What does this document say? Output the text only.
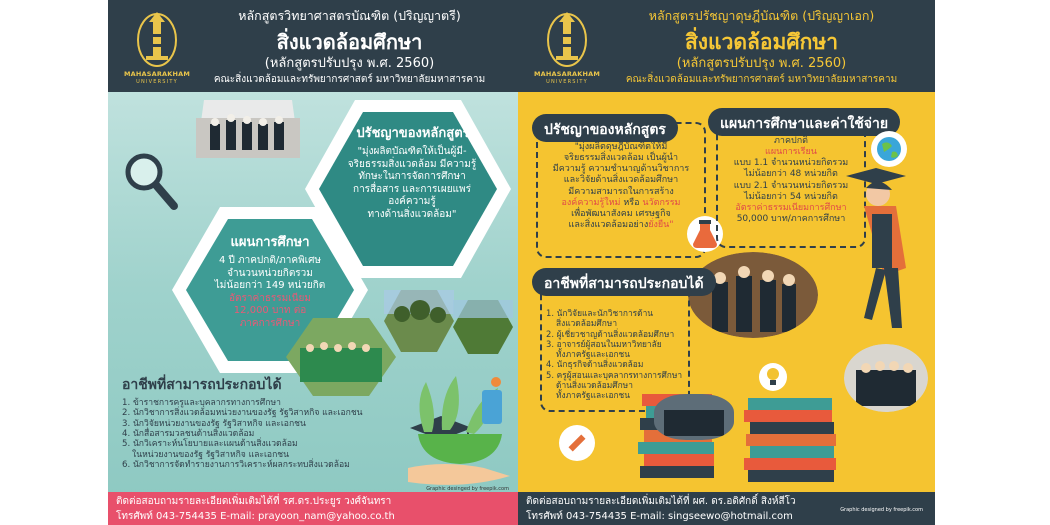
MAHASARAKHAM
UNIVERSITY
หลักสูตรวิทยาศาสตรบัณฑิต (ปริญญาตรี)
สิ่งแวดล้อมศึกษา
(หลักสูตรปรับปรุง พ.ศ. 2560)
คณะสิ่งแวดล้อมและทรัพยากรศาสตร์ มหาวิทยาลัยมหาสารคาม
ปรัชญาของหลักสูตร
"มุ่งผลิตบัณฑิตให้เป็นผู้มี-
จริยธรรมสิ่งแวดล้อม มีความรู้
ทักษะในการจัดการศึกษา
การสื่อสาร และการเผยแพร่
องค์ความรู้
ทางด้านสิ่งแวดล้อม"
แผนการศึกษา
4 ปี ภาคปกติ/ภาคพิเศษ
จำนวนหน่วยกิตรวม
ไม่น้อยกว่า 149 หน่วยกิต
อัตราค่าธรรมเนียม
12,000 บาท ต่อ
ภาคการศึกษา
อาชีพที่สามารถประกอบได้
1. ข้าราชการครูและบุคลากรทางการศึกษา
2. นักวิชาการสิ่งแวดล้อมหน่วยงานของรัฐ รัฐวิสาหกิจ และเอกชน
3. นักวิจัยหน่วยงานของรัฐ รัฐวิสาหกิจ และเอกชน
4. นักสื่อสารมวลชนด้านสิ่งแวดล้อม
5. นักวิเคราะห์นโยบายและแผนด้านสิ่งแวดล้อม
ในหน่วยงานของรัฐ รัฐวิสาหกิจ และเอกชน
6. นักวิชาการจัดทำรายงานการวิเคราะห์ผลกระทบสิ่งแวดล้อม
Graphic desinged by freepik.com
ติดต่อสอบถามรายละเอียดเพิ่มเติมได้ที่ รศ.ดร.ประยูร วงศ์จันทรา
โทรศัพท์ 043-754435 E-mail: prayoon_nam@yahoo.co.th
MAHASARAKHAM
UNIVERSITY
หลักสูตรปรัชญาดุษฎีบัณฑิต (ปริญญาเอก)
สิ่งแวดล้อมศึกษา
(หลักสูตรปรับปรุง พ.ศ. 2560)
คณะสิ่งแวดล้อมและทรัพยากรศาสตร์ มหาวิทยาลัยมหาสารคาม
ปรัชญาของหลักสูตร
"มุ่งผลิตดุษฎีบัณฑิตให้มี
จริยธรรมสิ่งแวดล้อม เป็นผู้นำ
มีความรู้ ความชำนาญด้านวิชาการ
และวิจัยด้านสิ่งแวดล้อมศึกษา
มีความสามารถในการสร้าง
องค์ความรู้ใหม่ หรือ นวัตกรรม
เพื่อพัฒนาสังคม เศรษฐกิจ
และสิ่งแวดล้อมอย่างยั่งยืน"
แผนการศึกษาและค่าใช้จ่าย
ภาคปกติ
แผนการเรียน
แบบ 1.1 จำนวนหน่วยกิตรวม
ไม่น้อยกว่า 48 หน่วยกิต
แบบ 2.1 จำนวนหน่วยกิตรวม
ไม่น้อยกว่า 54 หน่วยกิต
อัตราค่าธรรมเนียมการศึกษา
50,000 บาท/ภาคการศึกษา
อาชีพที่สามารถประกอบได้
1. นักวิจัยและนักวิชาการด้าน
สิ่งแวดล้อมศึกษา
2. ผู้เชี่ยวชาญด้านสิ่งแวดล้อมศึกษา
3. อาจารย์ผู้สอนในมหาวิทยาลัย
ทั้งภาครัฐและเอกชน
4. นักธุรกิจด้านสิ่งแวดล้อม
5. ครูผู้สอนและบุคลากรทางการศึกษา
ด้านสิ่งแวดล้อมศึกษา
ทั้งภาครัฐและเอกชน
ติดต่อสอบถามรายละเอียดเพิ่มเติมได้ที่ ผศ. ดร.อดิศักดิ์ สิงห์สีโว
โทรศัพท์ 043-754435 E-mail: singseewo@hotmail.com
Graphic designed by freepik.com
